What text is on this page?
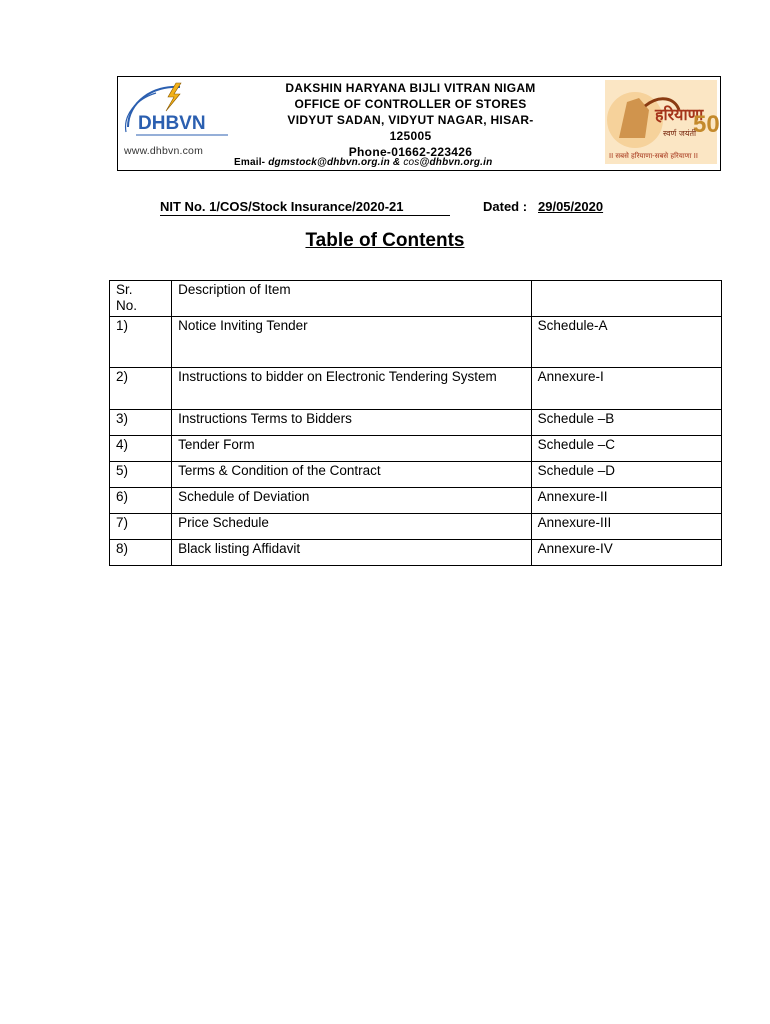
DHBVN
www.dhbvn.com
DAKSHIN HARYANA BIJLI VITRAN NIGAM
OFFICE OF CONTROLLER OF STORES
VIDYUT SADAN, VIDYUT NAGAR, HISAR-
125005
Phone-01662-223426
Email- dgmstock@dhbvn.org.in & cos@dhbvn.org.in
हरियाणा
50
स्वर्ण जयंती
II सबसे हरियाणा-सबसे हरियाणा II
NIT No. 1/COS/Stock Insurance/2020-21	Dated : 29/05/2020
Table of Contents
Sr.
No.	Description of Item	
1)	Notice Inviting Tender	Schedule-A
2)	Instructions to bidder on Electronic Tendering System	Annexure-I
3)	Instructions Terms to Bidders	Schedule –B
4)	Tender Form	Schedule –C
5)	Terms & Condition of the Contract	Schedule –D
6)	Schedule of Deviation	Annexure-II
7)	Price Schedule	Annexure-III
8)	Black listing Affidavit	Annexure-IV
